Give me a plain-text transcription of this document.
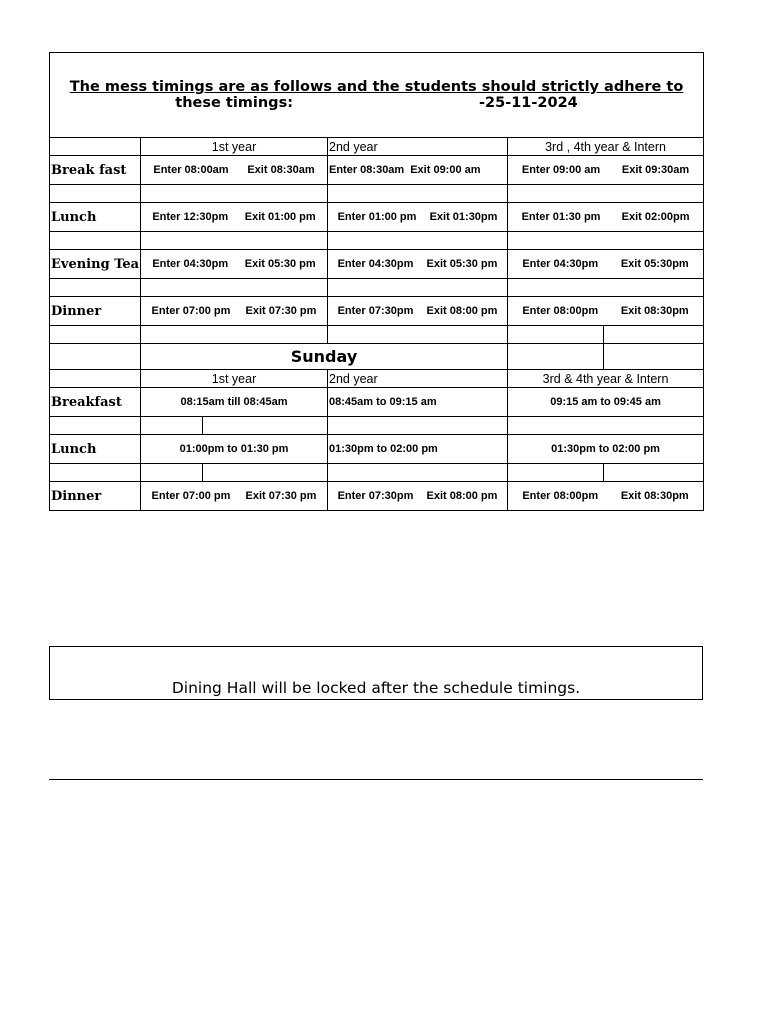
The mess timings are as follows and the students should strictly adhere to
these timings: -25-11-2024					
	1st year		2nd year	3rd , 4th year & Intern	
Break fast	Enter 08:00am Exit 08:30am		Enter 08:30am Exit 09:00 am	Enter 09:00 am Exit 09:30am	

Lunch	Enter 12:30pm Exit 01:00 pm		Enter 01:00 pm Exit 01:30pm	Enter 01:30 pm Exit 02:00pm	

Evening Tea	Enter 04:30pm Exit 05:30 pm		Enter 04:30pm Exit 05:30 pm	Enter 04:30pm Exit 05:30pm	

Dinner	Enter 07:00 pm Exit 07:30 pm		Enter 07:30pm Exit 08:00 pm	Enter 08:00pm Exit 08:30pm	

	Sunday				
	1st year		2nd year	3rd & 4th year & Intern	
Breakfast	08:15am till 08:45am		08:45am to 09:15 am	09:15 am to 09:45 am	

Lunch	01:00pm to 01:30 pm		01:30pm to 02:00 pm	01:30pm to 02:00 pm	

Dinner	Enter 07:00 pm Exit 07:30 pm		Enter 07:30pm Exit 08:00 pm	Enter 08:00pm Exit 08:30pm	
Dining Hall will be locked after the schedule timings.
